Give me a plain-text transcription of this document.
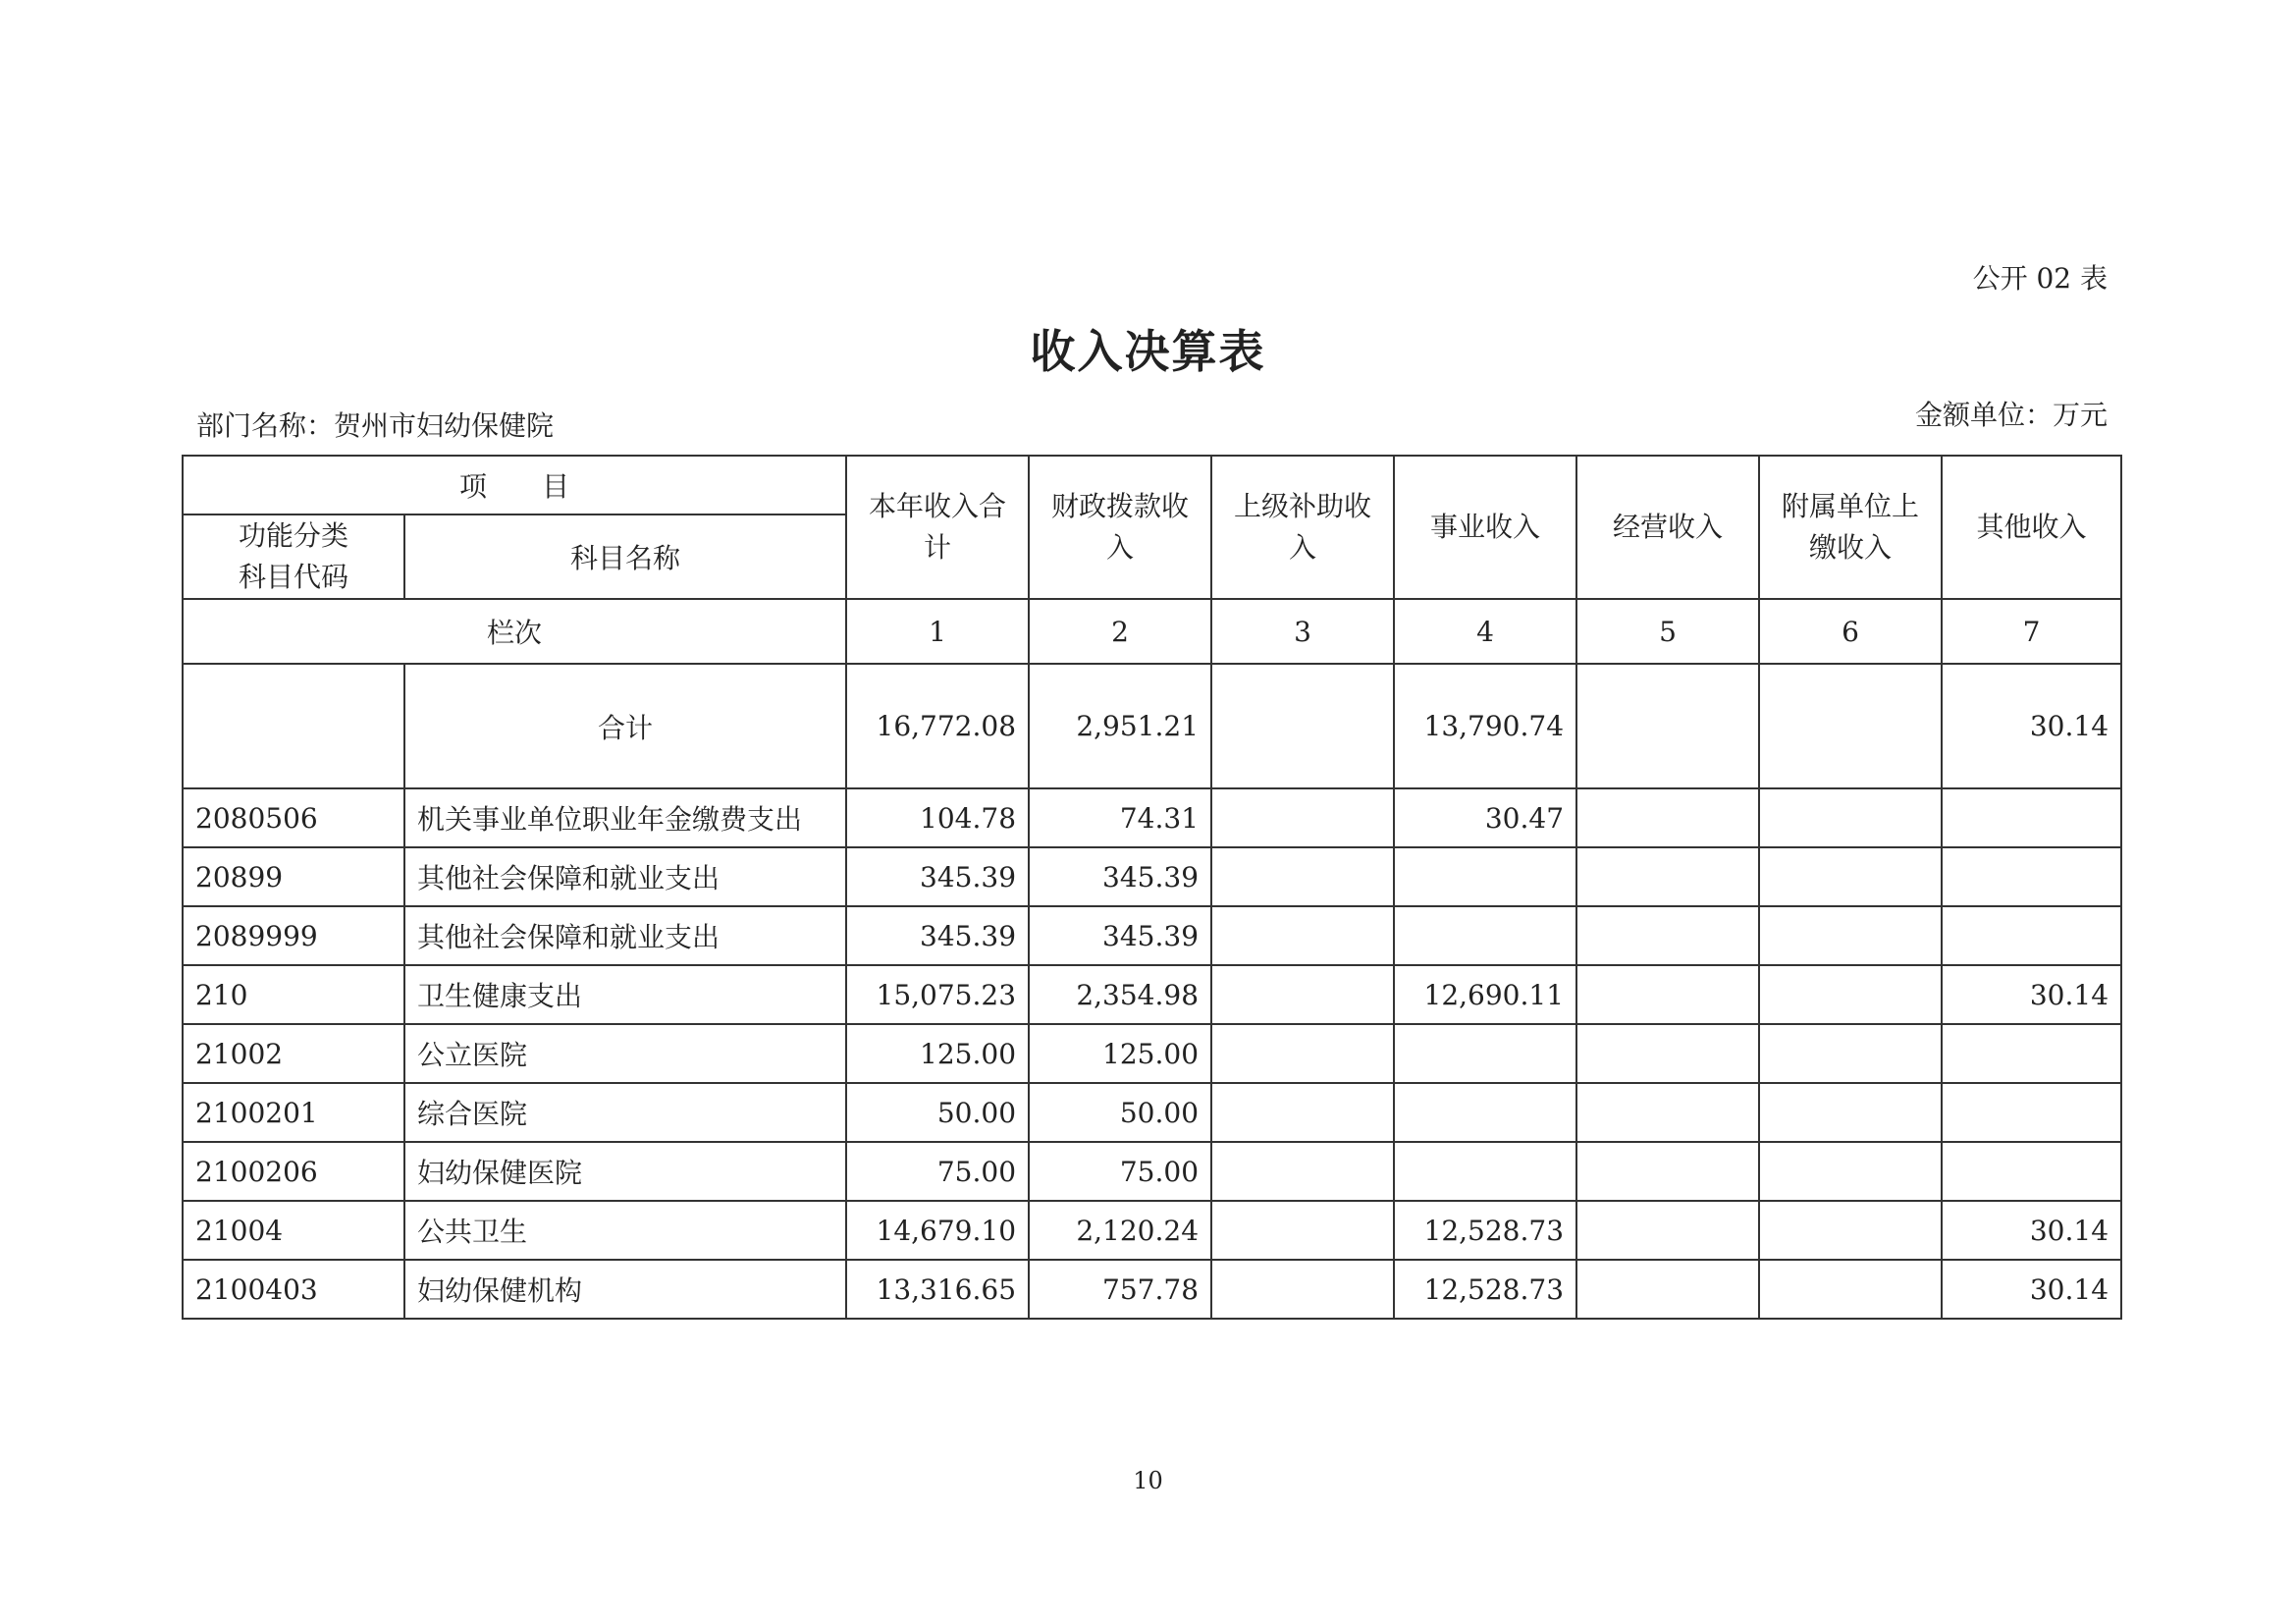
公开 02 表
收入决算表
部门名称：贺州市妇幼保健院	金额单位：万元
项　　目		本年收入合计	财政拨款收入	上级补助收入	事业收入	经营收入	附属单位上缴收入	其他收入
功能分类科目代码	科目名称							
栏次		1	2	3	4	5	6	7
	合计	16,772.08	2,951.21		13,790.74			30.14
2080506	机关事业单位职业年金缴费支出	104.78	74.31		30.47			
20899	其他社会保障和就业支出	345.39	345.39					
2089999	其他社会保障和就业支出	345.39	345.39					
210	卫生健康支出	15,075.23	2,354.98		12,690.11			30.14
21002	公立医院	125.00	125.00					
2100201	综合医院	50.00	50.00					
2100206	妇幼保健医院	75.00	75.00					
21004	公共卫生	14,679.10	2,120.24		12,528.73			30.14
2100403	妇幼保健机构	13,316.65	757.78		12,528.73			30.14
10
